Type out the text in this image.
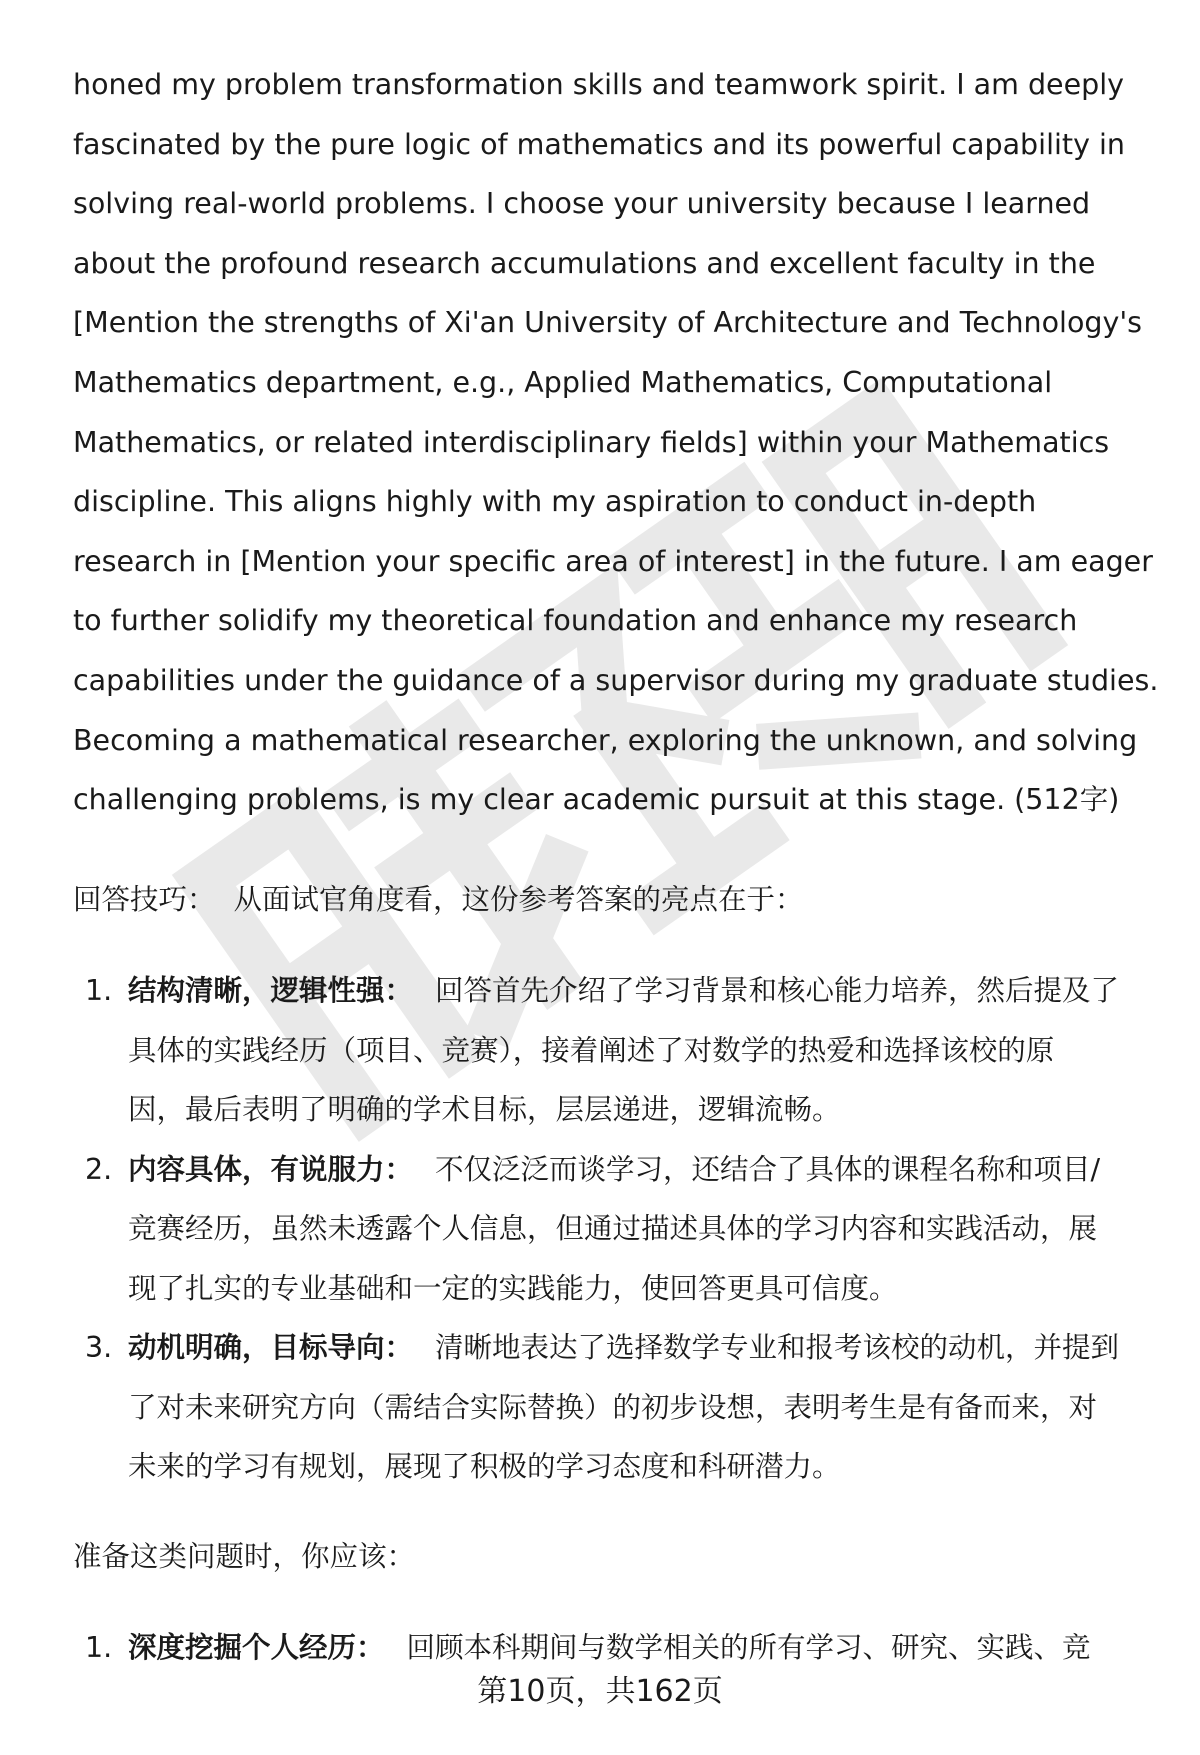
honed my problem transformation skills and teamwork spirit. I am deeply
fascinated by the pure logic of mathematics and its powerful capability in
solving real-world problems. I choose your university because I learned
about the profound research accumulations and excellent faculty in the
[Mention the strengths of Xi'an University of Architecture and Technology's
Mathematics department, e.g., Applied Mathematics, Computational
Mathematics, or related interdisciplinary fields] within your Mathematics
discipline. This aligns highly with my aspiration to conduct in-depth
research in [Mention your specific area of interest] in the future. I am eager
to further solidify my theoretical foundation and enhance my research
capabilities under the guidance of a supervisor during my graduate studies.
Becoming a mathematical researcher, exploring the unknown, and solving
challenging problems, is my clear academic pursuit at this stage. (512字)

回答技巧： 从面试官角度看，这份参考答案的亮点在于：

1. 结构清晰，逻辑性强： 回答首先介绍了学习背景和核心能力培养，然后提及了
具体的实践经历（项目、竞赛），接着阐述了对数学的热爱和选择该校的原
因，最后表明了明确的学术目标，层层递进，逻辑流畅。
2. 内容具体，有说服力： 不仅泛泛而谈学习，还结合了具体的课程名称和项目/
竞赛经历，虽然未透露个人信息，但通过描述具体的学习内容和实践活动，展
现了扎实的专业基础和一定的实践能力，使回答更具可信度。
3. 动机明确，目标导向： 清晰地表达了选择数学专业和报考该校的动机，并提到
了对未来研究方向（需结合实际替换）的初步设想，表明考生是有备而来，对
未来的学习有规划，展现了积极的学习态度和科研潜力。

准备这类问题时，你应该：

1. 深度挖掘个人经历： 回顾本科期间与数学相关的所有学习、研究、实践、竞
第10页，共162页
